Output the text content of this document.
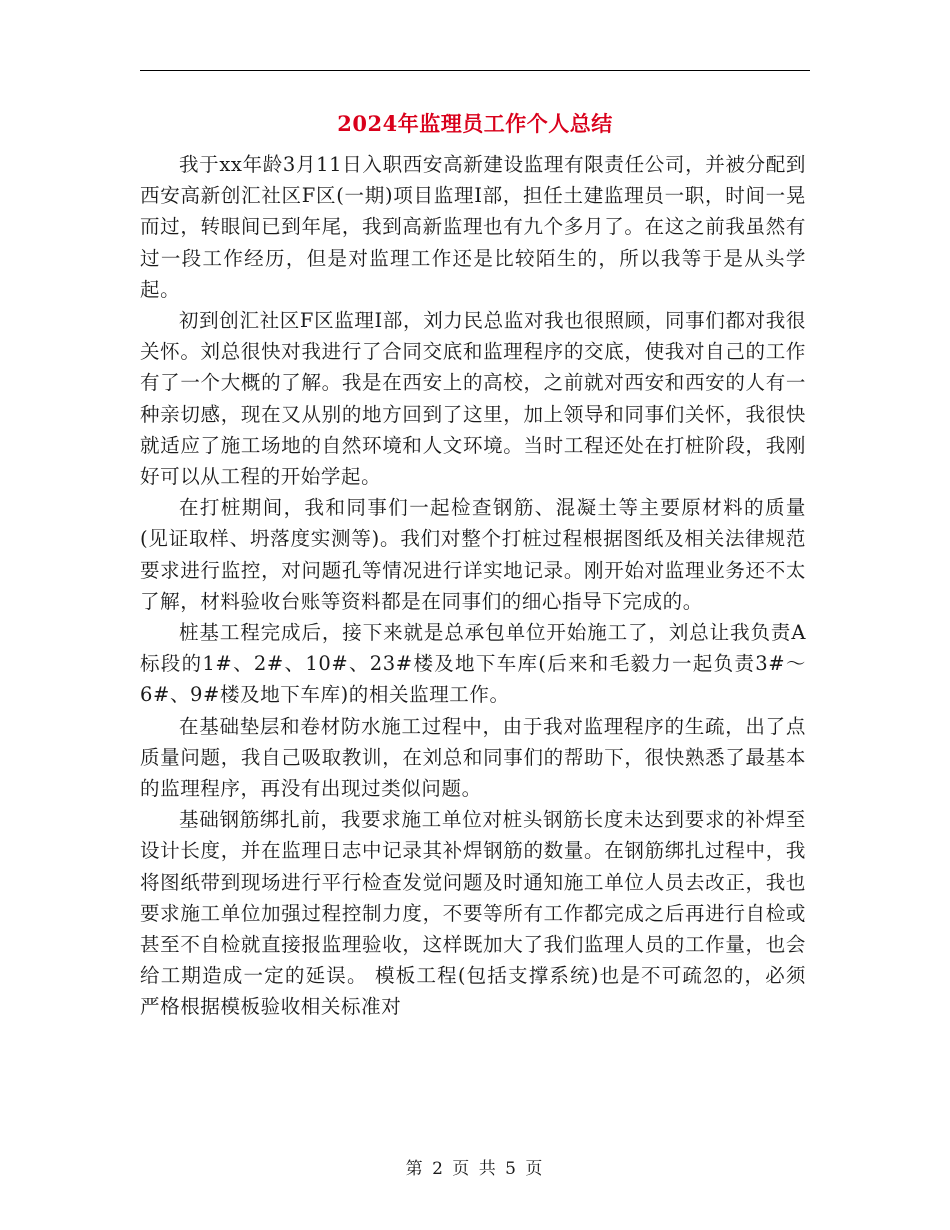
2024年监理员工作个人总结

我于xx年龄3月11日入职西安高新建设监理有限责任公司，并被分配到西安高新创汇社区F区(一期)项目监理Ⅰ部，担任土建监理员一职，时间一晃而过，转眼间已到年尾，我到高新监理也有九个多月了。在这之前我虽然有过一段工作经历，但是对监理工作还是比较陌生的，所以我等于是从头学起。

初到创汇社区F区监理Ⅰ部，刘力民总监对我也很照顾，同事们都对我很关怀。刘总很快对我进行了合同交底和监理程序的交底，使我对自己的工作有了一个大概的了解。我是在西安上的高校，之前就对西安和西安的人有一种亲切感，现在又从别的地方回到了这里，加上领导和同事们关怀，我很快就适应了施工场地的自然环境和人文环境。当时工程还处在打桩阶段，我刚好可以从工程的开始学起。

在打桩期间，我和同事们一起检查钢筋、混凝土等主要原材料的质量(见证取样、坍落度实测等)。我们对整个打桩过程根据图纸及相关法律规范要求进行监控，对问题孔等情况进行详实地记录。刚开始对监理业务还不太了解，材料验收台账等资料都是在同事们的细心指导下完成的。

桩基工程完成后，接下来就是总承包单位开始施工了，刘总让我负责A标段的1#、2#、10#、23#楼及地下车库(后来和毛毅力一起负责3#～6#、9#楼及地下车库)的相关监理工作。

在基础垫层和卷材防水施工过程中，由于我对监理程序的生疏，出了点质量问题，我自己吸取教训，在刘总和同事们的帮助下，很快熟悉了最基本的监理程序，再没有出现过类似问题。

基础钢筋绑扎前，我要求施工单位对桩头钢筋长度未达到要求的补焊至设计长度，并在监理日志中记录其补焊钢筋的数量。在钢筋绑扎过程中，我将图纸带到现场进行平行检查发觉问题及时通知施工单位人员去改正，我也要求施工单位加强过程控制力度，不要等所有工作都完成之后再进行自检或甚至不自检就直接报监理验收，这样既加大了我们监理人员的工作量，也会给工期造成一定的延误。 模板工程(包括支撑系统)也是不可疏忽的，必须严格根据模板验收相关标准对

第 2 页 共 5 页
